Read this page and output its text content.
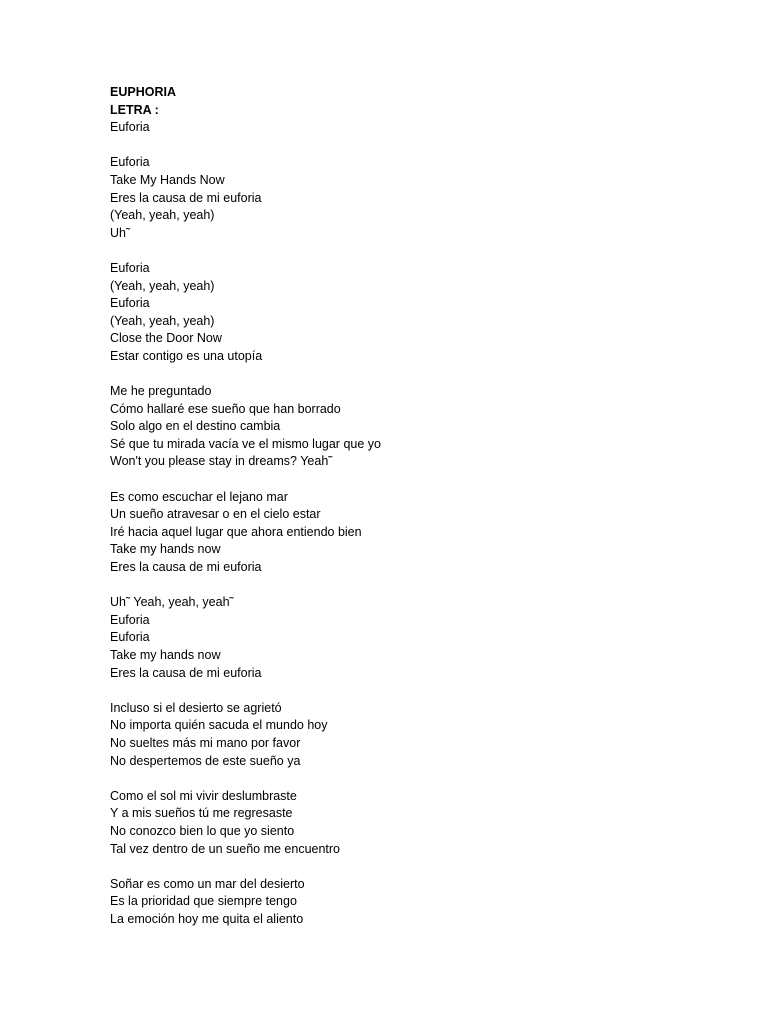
EUPHORIA
LETRA :
Euforia
Euforia
Take My Hands Now
Eres la causa de mi euforia
(Yeah, yeah, yeah)
Uh˜
Euforia
(Yeah, yeah, yeah)
Euforia
(Yeah, yeah, yeah)
Close the Door Now
Estar contigo es una utopía
Me he preguntado
Cómo hallaré ese sueño que han borrado
Solo algo en el destino cambia
Sé que tu mirada vacía ve el mismo lugar que yo
Won't you please stay in dreams? Yeah˜
Es como escuchar el lejano mar
Un sueño atravesar o en el cielo estar
Iré hacia aquel lugar que ahora entiendo bien
Take my hands now
Eres la causa de mi euforia
Uh˜ Yeah, yeah, yeah˜
Euforia
Euforia
Take my hands now
Eres la causa de mi euforia
Incluso si el desierto se agrietó
No importa quién sacuda el mundo hoy
No sueltes más mi mano por favor
No despertemos de este sueño ya
Como el sol mi vivir deslumbraste
Y a mis sueños tú me regresaste
No conozco bien lo que yo siento
Tal vez dentro de un sueño me encuentro
Soñar es como un mar del desierto
Es la prioridad que siempre tengo
La emoción hoy me quita el aliento
